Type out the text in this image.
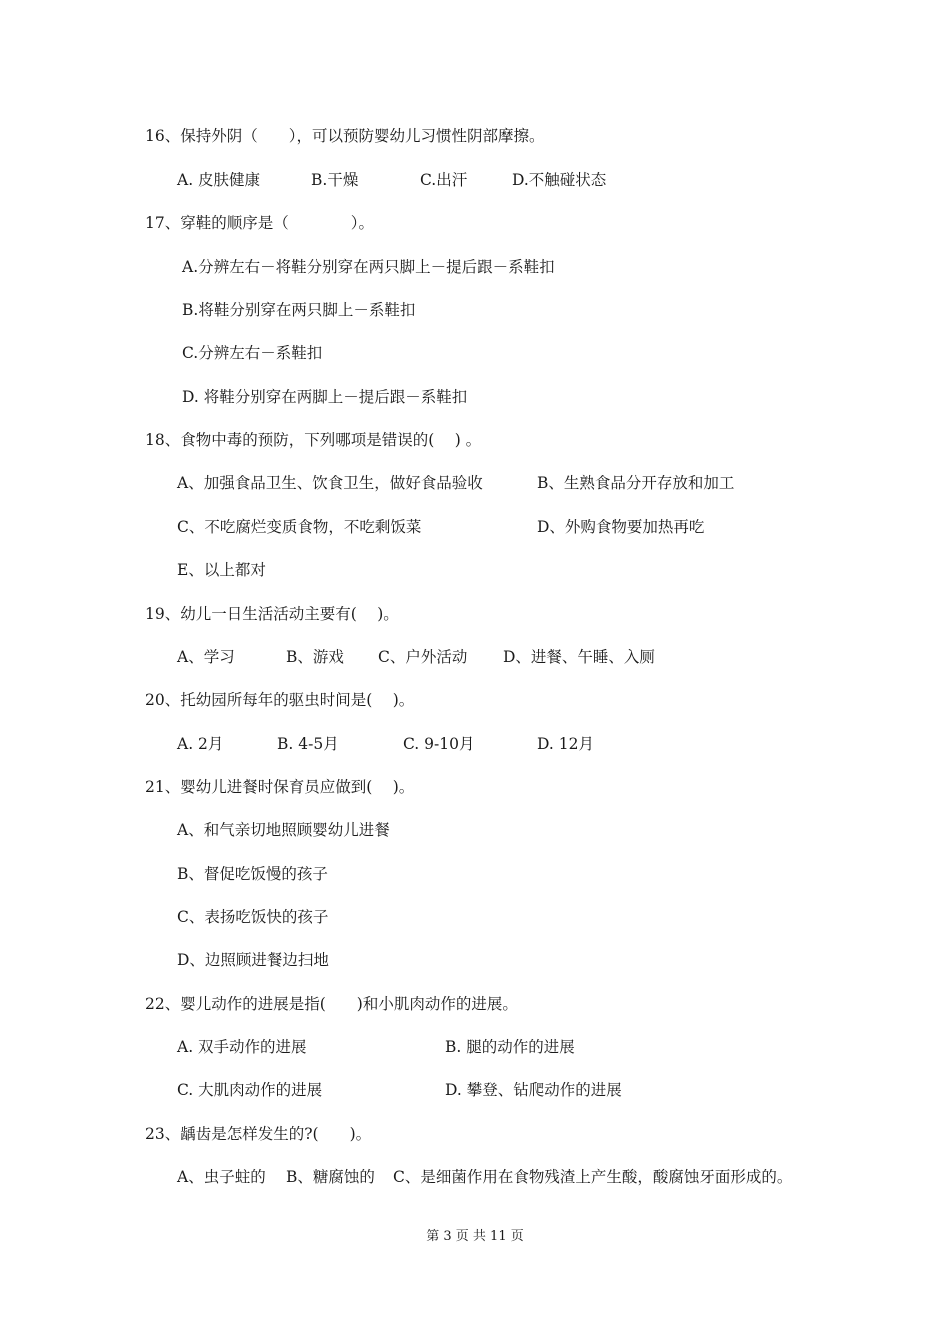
16、保持外阴（　　），可以预防婴幼儿习惯性阴部摩擦。
A. 皮肤健康	B.干燥	C.出汗	D.不触碰状态
17、穿鞋的顺序是（　　　　）。
A.分辨左右－将鞋分别穿在两只脚上－提后跟－系鞋扣
B.将鞋分别穿在两只脚上－系鞋扣
C.分辨左右－系鞋扣
D. 将鞋分别穿在两脚上－提后跟－系鞋扣
18、食物中毒的预防，下列哪项是错误的(　 ) 。
A、加强食品卫生、饮食卫生，做好食品验收	B、生熟食品分开存放和加工
C、不吃腐烂变质食物，不吃剩饭菜	D、外购食物要加热再吃
E、以上都对
19、幼儿一日生活活动主要有(　 )。
A、学习	B、游戏 C、户外活动 D、进餐、午睡、入厕
20、托幼园所每年的驱虫时间是(　 )。
A. 2月	B. 4-5月	C. 9-10月	D. 12月
21、婴幼儿进餐时保育员应做到(　 )。
A、和气亲切地照顾婴幼儿进餐
B、督促吃饭慢的孩子
C、表扬吃饭快的孩子
D、边照顾进餐边扫地
22、婴儿动作的进展是指(　　)和小肌肉动作的进展。
A. 双手动作的进展	B. 腿的动作的进展
C. 大肌肉动作的进展	D. 攀登、钻爬动作的进展
23、龋齿是怎样发生的?(　　)。
A、虫子蛀的 B、糖腐蚀的 C、是细菌作用在食物残渣上产生酸，酸腐蚀牙面形成的。
第 3 页 共 11 页
